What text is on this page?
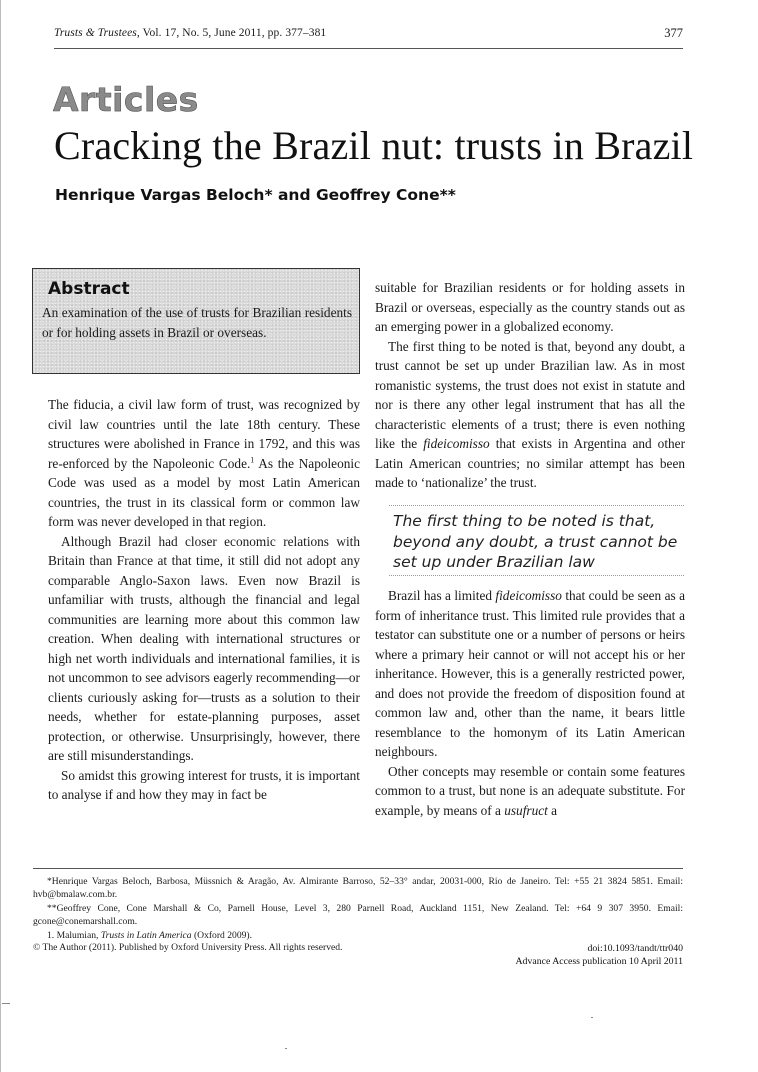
Trusts & Trustees, Vol. 17, No. 5, June 2011, pp. 377–381	377
Articles
Cracking the Brazil nut: trusts in Brazil
Henrique Vargas Beloch* and Geoffrey Cone**
Abstract
An examination of the use of trusts for Brazilian residents or for holding assets in Brazil or overseas.

The fiducia, a civil law form of trust, was recognized by civil law countries until the late 18th century. These structures were abolished in France in 1792, and this was re-enforced by the Napoleonic Code.$^1$ As the Napoleonic Code was used as a model by most Latin American countries, the trust in its classical form or common law form was never developed in that region.

Although Brazil had closer economic relations with Britain than France at that time, it still did not adopt any comparable Anglo-Saxon laws. Even now Brazil is unfamiliar with trusts, although the financial and legal communities are learning more about this common law creation. When dealing with international structures or high net worth individuals and international families, it is not uncommon to see advisors eagerly recommending—or clients curiously asking for—trusts as a solution to their needs, whether for estate-planning purposes, asset protection, or otherwise. Unsurprisingly, however, there are still misunderstandings.

So amidst this growing interest for trusts, it is important to analyse if and how they may in fact be

suitable for Brazilian residents or for holding assets in Brazil or overseas, especially as the country stands out as an emerging power in a globalized economy.

The first thing to be noted is that, beyond any doubt, a trust cannot be set up under Brazilian law. As in most romanistic systems, the trust does not exist in statute and nor is there any other legal instrument that has all the characteristic elements of a trust; there is even nothing like the fideicomisso that exists in Argentina and other Latin American countries; no similar attempt has been made to ‘nationalize’ the trust.

The first thing to be noted is that, beyond any doubt, a trust cannot be set up under Brazilian law

Brazil has a limited fideicomisso that could be seen as a form of inheritance trust. This limited rule provides that a testator can substitute one or a number of persons or heirs where a primary heir cannot or will not accept his or her inheritance. However, this is a generally restricted power, and does not provide the freedom of disposition found at common law and, other than the name, it bears little resemblance to the homonym of its Latin American neighbours.

Other concepts may resemble or contain some features common to a trust, but none is an adequate substitute. For example, by means of a usufruct a

*Henrique Vargas Beloch, Barbosa, Müssnich & Aragão, Av. Almirante Barroso, 52–33° andar, 20031-000, Rio de Janeiro. Tel: +55 21 3824 5851. Email: hvb@bmalaw.com.br.

**Geoffrey Cone, Cone Marshall & Co, Parnell House, Level 3, 280 Parnell Road, Auckland 1151, New Zealand. Tel: +64 9 307 3950. Email: gcone@conemarshall.com.

1. Malumian, Trusts in Latin America (Oxford 2009).

© The Author (2011). Published by Oxford University Press. All rights reserved.	doi:10.1093/tandt/ttr040
Advance Access publication 10 April 2011
